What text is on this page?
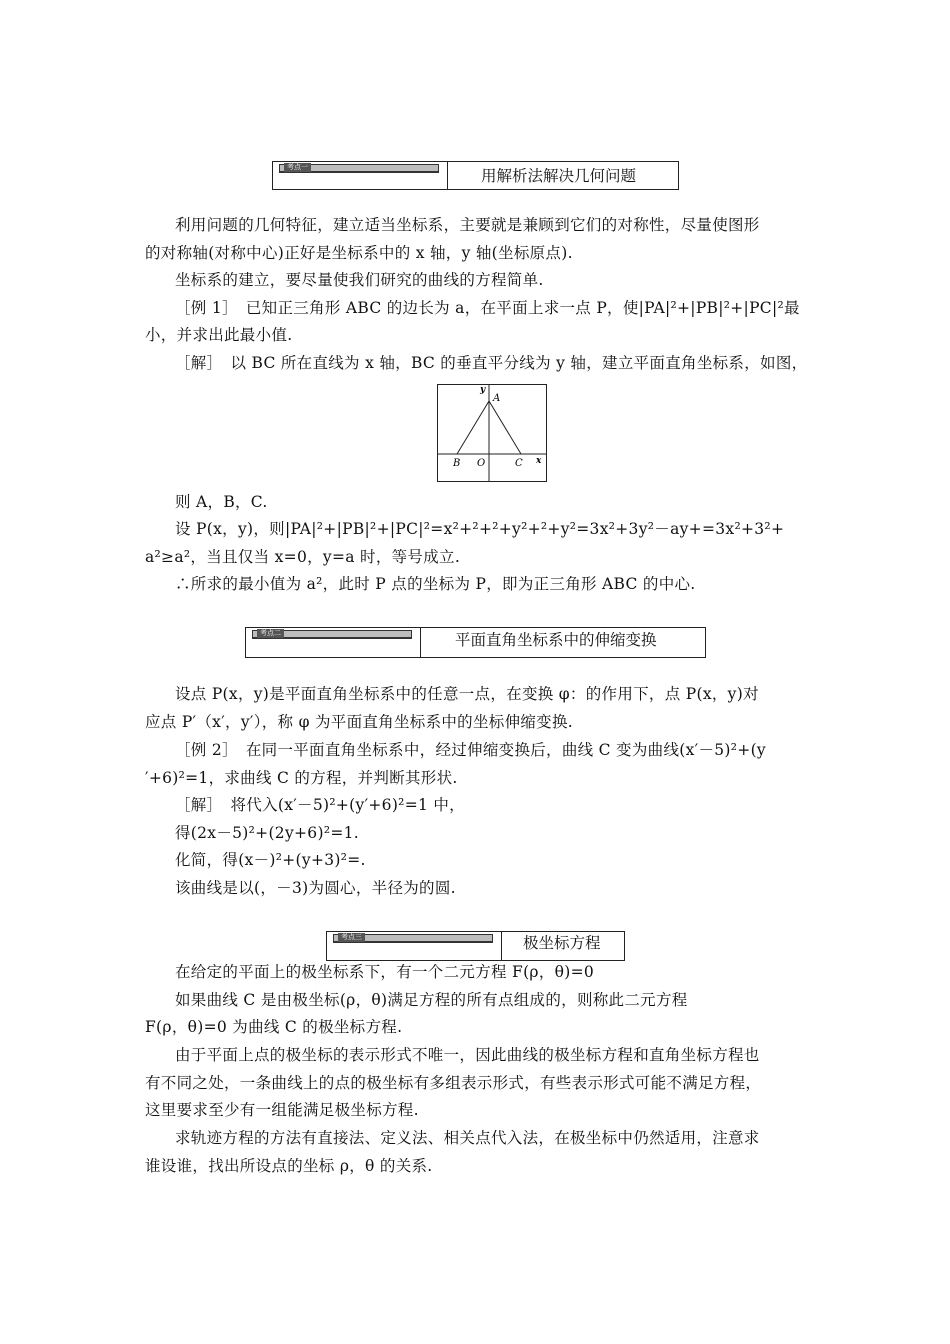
考点一	用解析法解决几何问题
利用问题的几何特征，建立适当坐标系，主要就是兼顾到它们的对称性，尽量使图形
的对称轴(对称中心)正好是坐标系中的 x 轴，y 轴(坐标原点).
坐标系的建立，要尽量使我们研究的曲线的方程简单.
［例 1］　已知正三角形 ABC 的边长为 a，在平面上求一点 P，使|PA|²+|PB|²+|PC|²最
小，并求出此最小值.
［解］　以 BC 所在直线为 x 轴，BC 的垂直平分线为 y 轴，建立平面直角坐标系，如图，
y
A
B O	C x
则 A，B，C.
设 P(x，y)，则|PA|²+|PB|²+|PC|²=x²+²+²+y²+²+y²=3x²+3y²－ay+=3x²+3²+
a²≥a²，当且仅当 x=0，y=a 时，等号成立.
∴所求的最小值为 a²，此时 P 点的坐标为 P，即为正三角形 ABC 的中心.
考点二	平面直角坐标系中的伸缩变换
设点 P(x，y)是平面直角坐标系中的任意一点，在变换 φ：的作用下，点 P(x，y)对
应点 P′（x′，y′），称 φ 为平面直角坐标系中的坐标伸缩变换.
［例 2］　在同一平面直角坐标系中，经过伸缩变换后，曲线 C 变为曲线(x′－5)²+(y
′+6)²=1，求曲线 C 的方程，并判断其形状.
［解］　将代入(x′－5)²+(y′+6)²=1 中，
得(2x－5)²+(2y+6)²=1.
化简，得(x－)²+(y+3)²=.
该曲线是以(，－3)为圆心，半径为的圆.
考点三	极坐标方程
在给定的平面上的极坐标系下，有一个二元方程 F(ρ，θ)=0
如果曲线 C 是由极坐标(ρ，θ)满足方程的所有点组成的，则称此二元方程
F(ρ，θ)=0 为曲线 C 的极坐标方程.
由于平面上点的极坐标的表示形式不唯一，因此曲线的极坐标方程和直角坐标方程也
有不同之处，一条曲线上的点的极坐标有多组表示形式，有些表示形式可能不满足方程，
这里要求至少有一组能满足极坐标方程.
求轨迹方程的方法有直接法、定义法、相关点代入法，在极坐标中仍然适用，注意求
谁设谁，找出所设点的坐标 ρ，θ 的关系.
